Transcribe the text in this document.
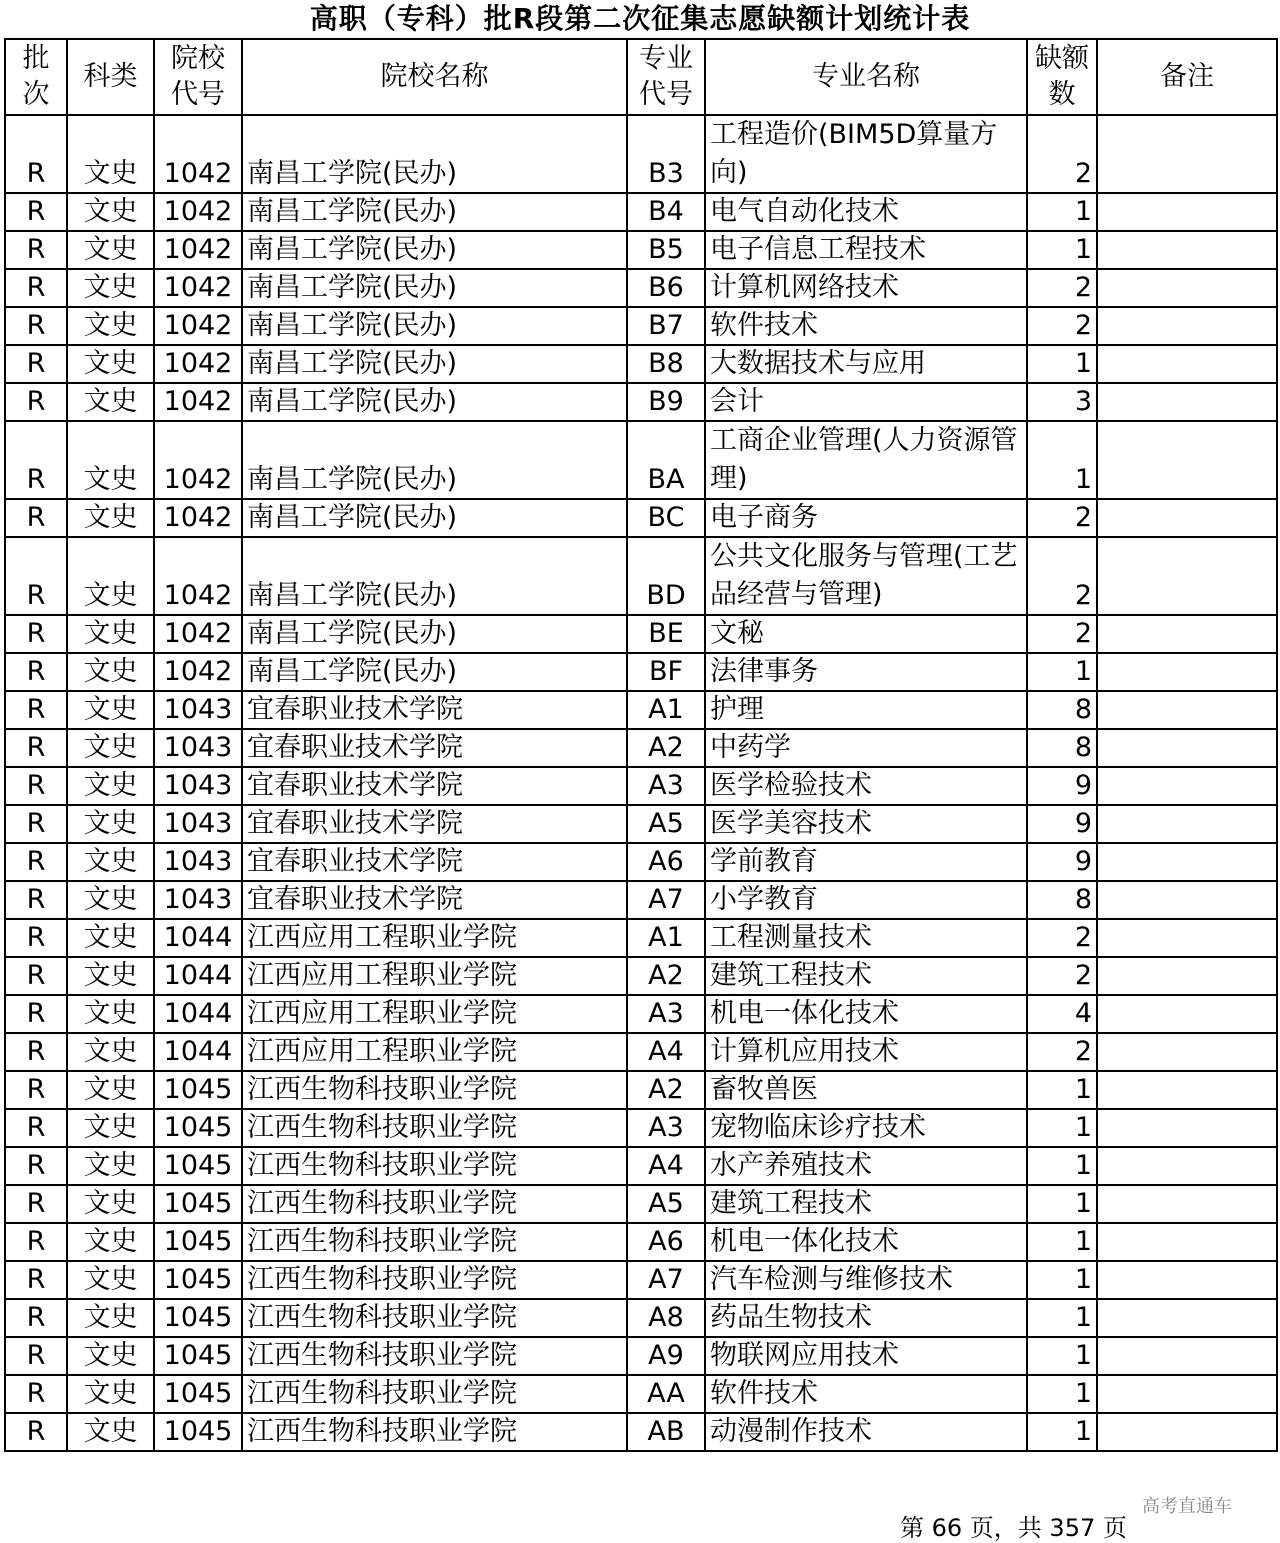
高职（专科）批R段第二次征集志愿缺额计划统计表
批次	科类	院校代号	院校名称	专业代号	专业名称	缺额数	备注
R	文史	1042	南昌工学院(民办)	B3	工程造价(BIM5D算量方向)	2	
R	文史	1042	南昌工学院(民办)	B4	电气自动化技术	1	
R	文史	1042	南昌工学院(民办)	B5	电子信息工程技术	1	
R	文史	1042	南昌工学院(民办)	B6	计算机网络技术	2	
R	文史	1042	南昌工学院(民办)	B7	软件技术	2	
R	文史	1042	南昌工学院(民办)	B8	大数据技术与应用	1	
R	文史	1042	南昌工学院(民办)	B9	会计	3	
R	文史	1042	南昌工学院(民办)	BA	工商企业管理(人力资源管理)	1	
R	文史	1042	南昌工学院(民办)	BC	电子商务	2	
R	文史	1042	南昌工学院(民办)	BD	公共文化服务与管理(工艺品经营与管理)	2	
R	文史	1042	南昌工学院(民办)	BE	文秘	2	
R	文史	1042	南昌工学院(民办)	BF	法律事务	1	
R	文史	1043	宜春职业技术学院	A1	护理	8	
R	文史	1043	宜春职业技术学院	A2	中药学	8	
R	文史	1043	宜春职业技术学院	A3	医学检验技术	9	
R	文史	1043	宜春职业技术学院	A5	医学美容技术	9	
R	文史	1043	宜春职业技术学院	A6	学前教育	9	
R	文史	1043	宜春职业技术学院	A7	小学教育	8	
R	文史	1044	江西应用工程职业学院	A1	工程测量技术	2	
R	文史	1044	江西应用工程职业学院	A2	建筑工程技术	2	
R	文史	1044	江西应用工程职业学院	A3	机电一体化技术	4	
R	文史	1044	江西应用工程职业学院	A4	计算机应用技术	2	
R	文史	1045	江西生物科技职业学院	A2	畜牧兽医	1	
R	文史	1045	江西生物科技职业学院	A3	宠物临床诊疗技术	1	
R	文史	1045	江西生物科技职业学院	A4	水产养殖技术	1	
R	文史	1045	江西生物科技职业学院	A5	建筑工程技术	1	
R	文史	1045	江西生物科技职业学院	A6	机电一体化技术	1	
R	文史	1045	江西生物科技职业学院	A7	汽车检测与维修技术	1	
R	文史	1045	江西生物科技职业学院	A8	药品生物技术	1	
R	文史	1045	江西生物科技职业学院	A9	物联网应用技术	1	
R	文史	1045	江西生物科技职业学院	AA	软件技术	1	
R	文史	1045	江西生物科技职业学院	AB	动漫制作技术	1	
第 66 页，共 357 页
高考直通车
